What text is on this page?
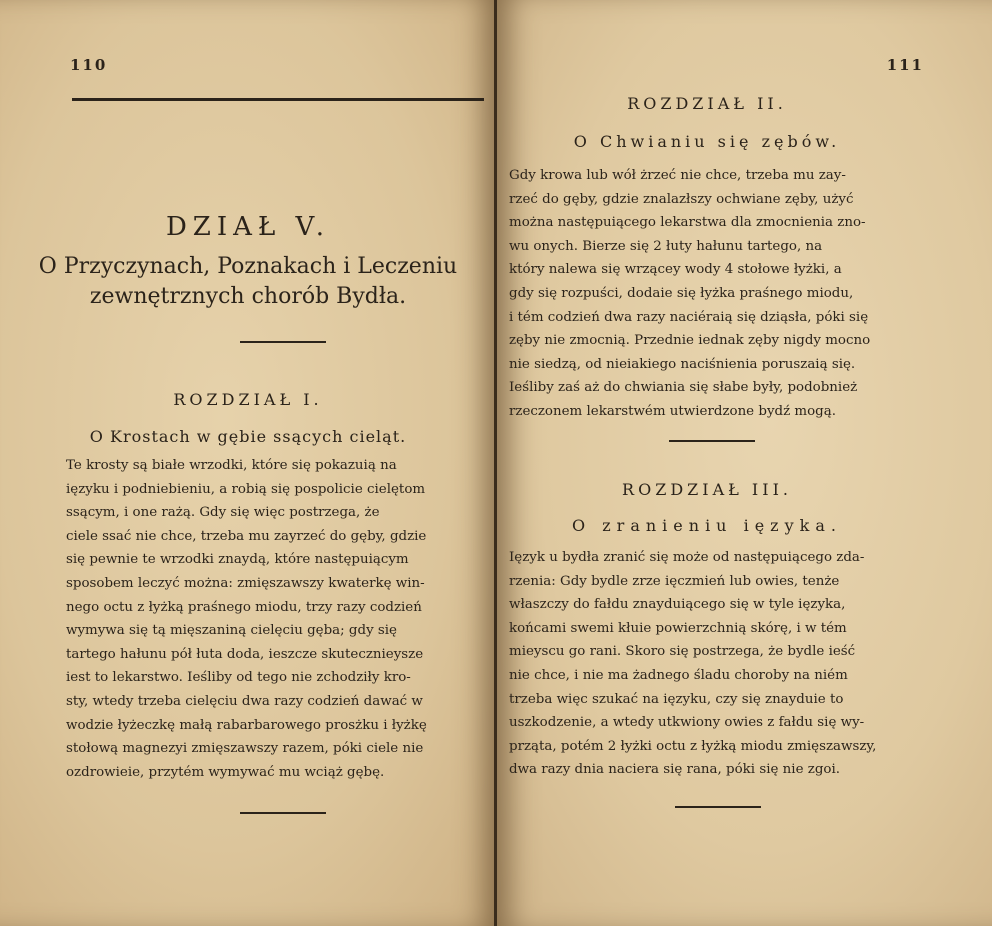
110
DZIAŁ V.
O Przyczynach, Poznakach i Leczeniu
zewnętrznych chorób Bydła.
ROZDZIAŁ I.
O Krostach w gębie ssących cieląt.
Te krosty są białe wrzodki, które się pokazuią na
ięzyku i podniebieniu, a robią się pospolicie cielętom
ssącym, i one rażą. Gdy się więc postrzega, że
ciele ssać nie chce, trzeba mu zayrzeć do gęby, gdzie
się pewnie te wrzodki znaydą, które następuiącym
sposobem leczyć można: zmięszawszy kwaterkę win-
nego octu z łyżką praśnego miodu, trzy razy codzień
wymywa się tą mięszaniną cielęciu gęba; gdy się
tartego hałunu pół łuta doda, ieszcze skutecznieysze
iest to lekarstwo. Ieśliby od tego nie zchodziły kro-
sty, wtedy trzeba cielęciu dwa razy codzień dawać w
wodzie łyżeczkę małą rabarbarowego prosżku i łyżkę
stołową magnezyi zmięszawszy razem, póki ciele nie
ozdrowieie, przytém wymywać mu wciąż gębę.
111
ROZDZIAŁ II.
O Chwianiu się zębów.
Gdy krowa lub wół żrzeć nie chce, trzeba mu zay-
rzeć do gęby, gdzie znalazłszy ochwiane zęby, użyć
można następuiącego lekarstwa dla zmocnienia zno-
wu onych. Bierze się 2 łuty hałunu tartego, na
który nalewa się wrzącey wody 4 stołowe łyżki, a
gdy się rozpuści, dodaie się łyżka praśnego miodu,
i tém codzień dwa razy naciéraią się dziąsła, póki się
zęby nie zmocnią. Przednie iednak zęby nigdy mocno
nie siedzą, od nieiakiego naciśnienia poruszaią się.
Ieśliby zaś aż do chwiania się słabe były, podobnież
rzeczonem lekarstwém utwierdzone bydź mogą.
ROZDZIAŁ III.
O zranieniu ięzyka.
Ięzyk u bydła zranić się może od następuiącego zda-
rzenia: Gdy bydle zrze ięczmień lub owies, tenże
właszczy do fałdu znayduiącego się w tyle ięzyka,
końcami swemi kłuie powierzchnią skórę, i w tém
mieyscu go rani. Skoro się postrzega, że bydle ieść
nie chce, i nie ma żadnego śladu choroby na niém
trzeba więc szukać na ięzyku, czy się znayduie to
uszkodzenie, a wtedy utkwiony owies z fałdu się wy-
prząta, potém 2 łyżki octu z łyżką miodu zmięszawszy,
dwa razy dnia naciera się rana, póki się nie zgoi.
